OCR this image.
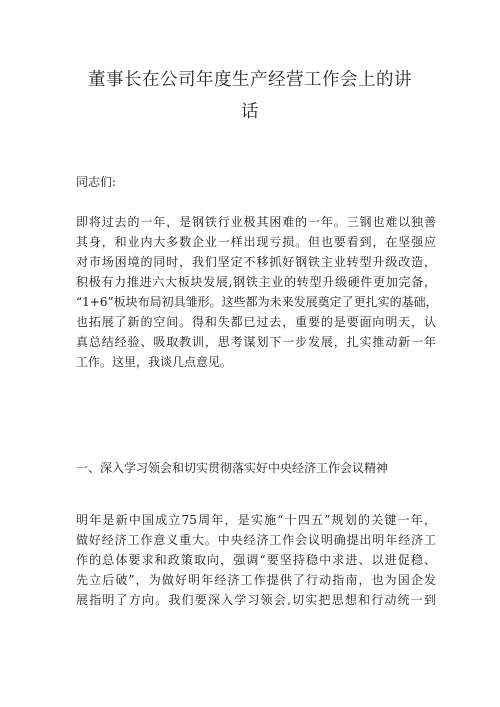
董事长在公司年度生产经营工作会上的讲
话
同志们:
即将过去的一年，是钢铁行业极其困难的一年。三钢也难以独善
其身，和业内大多数企业一样出现亏损。但也要看到，在坚强应
对市场困境的同时，我们坚定不移抓好钢铁主业转型升级改造，
积极有力推进六大板块发展,钢铁主业的转型升级硬件更加完备，
“1+6”板块布局初具雏形。这些都为未来发展奠定了更扎实的基础，
也拓展了新的空间。得和失都已过去，重要的是要面向明天，认
真总结经验、吸取教训，思考谋划下一步发展，扎实推动新一年
工作。这里，我谈几点意见。
一、深入学习领会和切实贯彻落实好中央经济工作会议精神
明年是新中国成立75周年，是实施“十四五”规划的关键一年，
做好经济工作意义重大。中央经济工作会议明确提出明年经济工
作的总体要求和政策取向，强调“要坚持稳中求进、以进促稳、
先立后破”，为做好明年经济工作提供了行动指南，也为国企发
展指明了方向。我们要深入学习领会,切实把思想和行动统一到
